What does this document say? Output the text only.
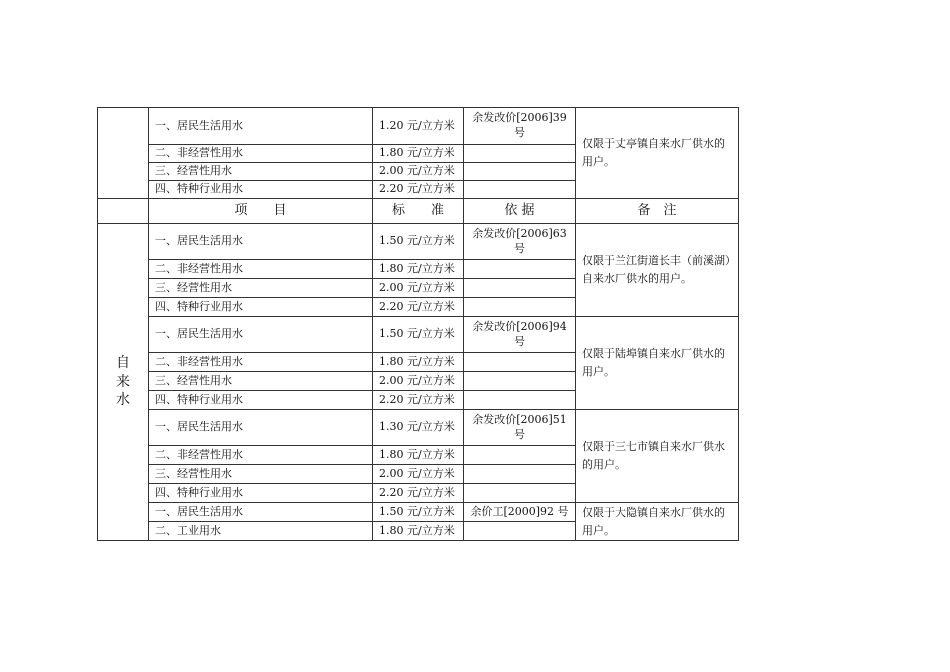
	一、居民生活用水	1.20 元/立方米	余发改价[2006]39号	仅限于丈亭镇自来水厂供水的用户。
	二、非经营性用水	1.80 元/立方米		
	三、经营性用水	2.00 元/立方米		
	四、特种行业用水	2.20 元/立方米		
	项　　目	标　　准	依 据	备　注

自
来
水	一、居民生活用水	1.50 元/立方米	余发改价[2006]63号	仅限于兰江街道长丰（前溪湖）自来水厂供水的用户。
	二、非经营性用水	1.80 元/立方米		
	三、经营性用水	2.00 元/立方米		
	四、特种行业用水	2.20 元/立方米		
	一、居民生活用水	1.50 元/立方米	余发改价[2006]94号	仅限于陆埠镇自来水厂供水的用户。
	二、非经营性用水	1.80 元/立方米		
	三、经营性用水	2.00 元/立方米		
	四、特种行业用水	2.20 元/立方米		
	一、居民生活用水	1.30 元/立方米	余发改价[2006]51号	仅限于三七市镇自来水厂供水的用户。
	二、非经营性用水	1.80 元/立方米		
	三、经营性用水	2.00 元/立方米		
	四、特种行业用水	2.20 元/立方米		
	一、居民生活用水	1.50 元/立方米	余价工[2000]92 号	仅限于大隐镇自来水厂供水的用户。
	二、工业用水	1.80 元/立方米		
